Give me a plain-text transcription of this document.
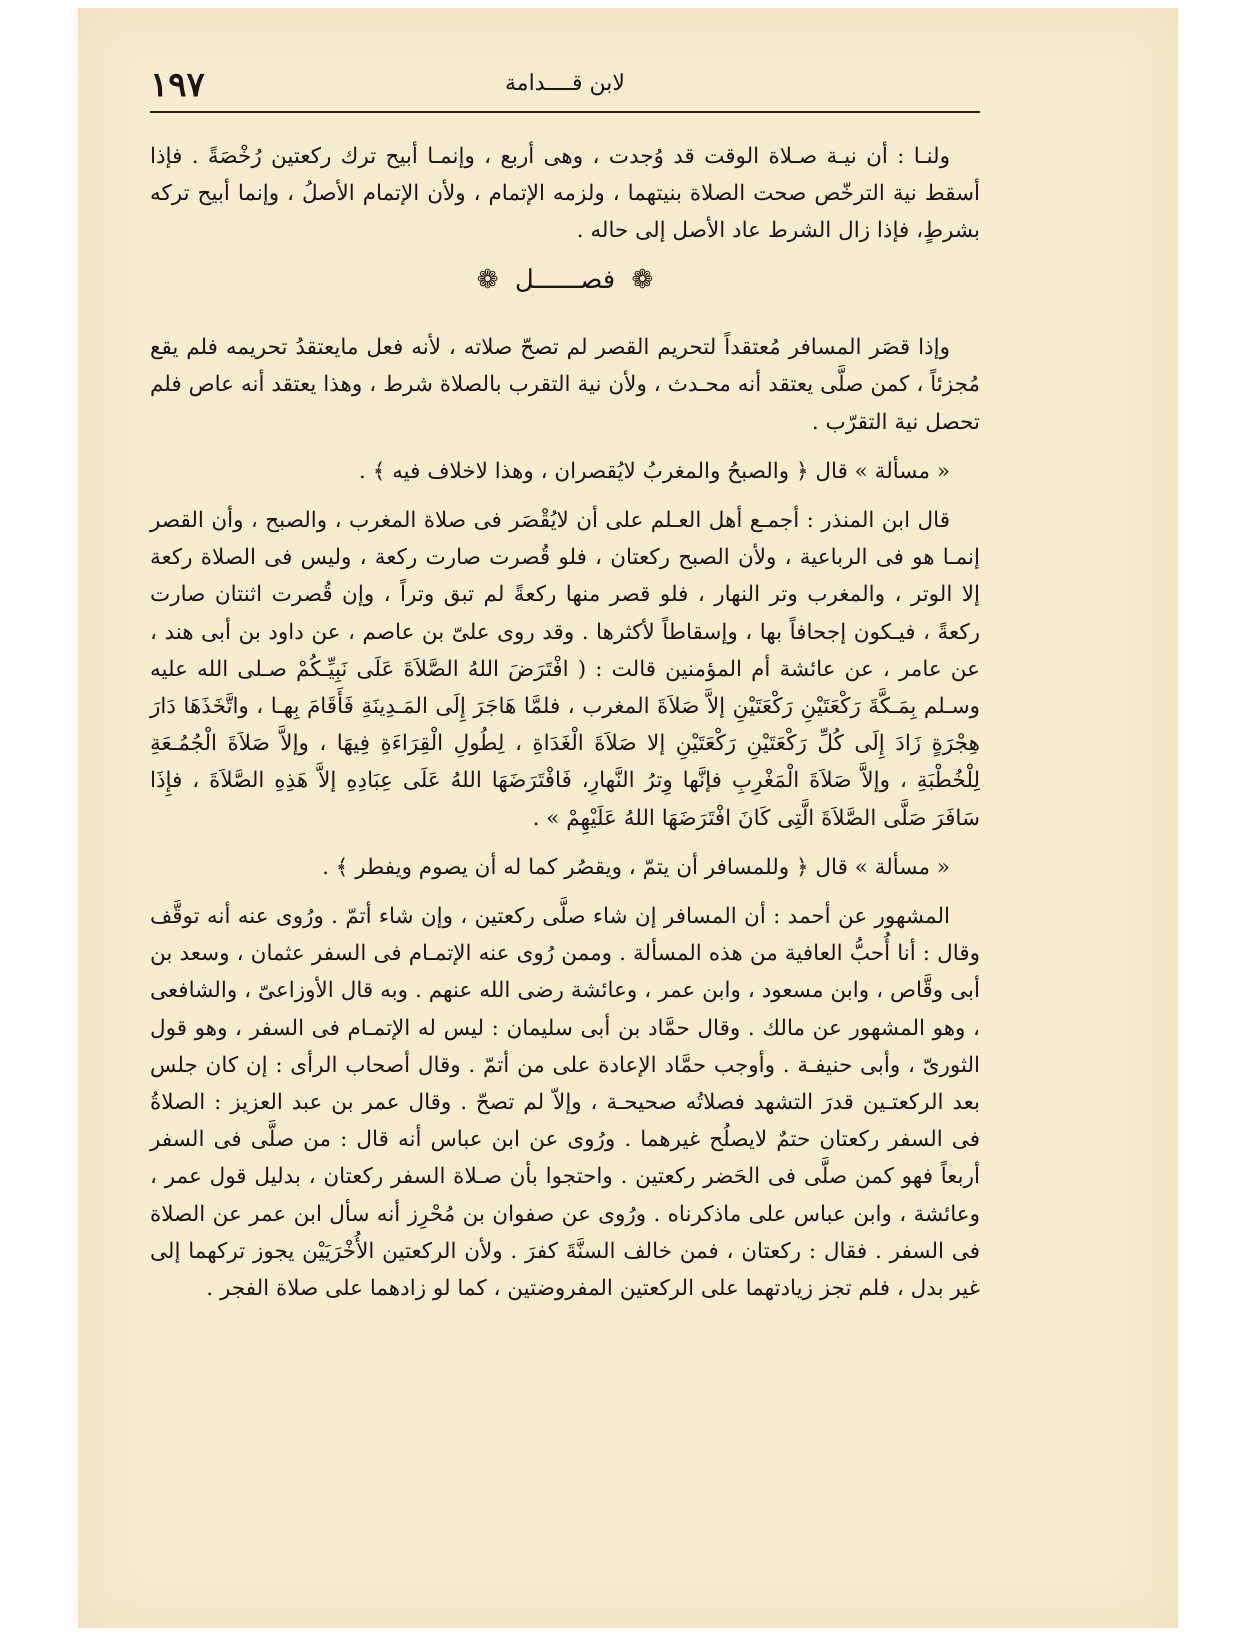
لابن قــــدامة
١٩٧

ولنـا : أن نيـة صـلاة الوقت قد وُجدت ، وهى أربع ، وإنمـا أبيح ترك ركعتين رُخْصَةً . فإذا أسقط نية الترخّص صحت الصلاة بنيتهما ، ولزمه الإتمام ، ولأن الإتمام الأصلُ ، وإنما أبيح تركه بشرطٍ، فإذا زال الشرط عاد الأصل إلى حاله .

❁ فصــــــل ❁

وإذا قصَر المسافر مُعتقداً لتحريم القصر لم تصحّ صلاته ، لأنه فعل مايعتقدُ تحريمه فلم يقع مُجزئاً ، كمن صلَّى يعتقد أنه محـدث ، ولأن نية التقرب بالصلاة شرط ، وهذا يعتقد أنه عاص فلم تحصل نية التقرّب .

« مسألة » قال ﴿ والصبحُ والمغربُ لايُقصران ، وهذا لاخلاف فيه ﴾ .

قال ابن المنذر : أجمـع أهل العـلم على أن لايُقْصَر فى صلاة المغرب ، والصبح ، وأن القصر إنمـا هو فى الرباعية ، ولأن الصبح ركعتان ، فلو قُصرت صارت ركعة ، وليس فى الصلاة ركعة إلا الوتر ، والمغرب وتر النهار ، فلو قصر منها ركعةً لم تبق وتراً ، وإن قُصرت اثنتان صارت ركعةً ، فيـكون إجحافاً بها ، وإسقاطاً لأكثرها . وقد روى علىّ بن عاصم ، عن داود بن أبى هند ، عن عامر ، عن عائشة أم المؤمنين قالت : ( افْتَرَضَ اللهُ الصَّلاَةَ عَلَى نَبِيِّـكُمْ صـلى الله عليه وسـلم بِمَـكَّةَ رَكْعَتَيْنِ رَكْعَتَيْنِ إلاَّ صَلاَةَ المغرب ، فلمَّا هَاجَرَ إِلَى المَـدِينَةِ فَأَقَامَ بِهـا ، واتَّخَذَهَا دَارَ هِجْرَةٍ زَادَ إِلَى كُلِّ رَكْعَتَيْنِ رَكْعَتَيْنِ إلا صَلاَةَ الْغَدَاةِ ، لِطُولِ الْقِرَاءَةِ فِيهَا ، وإلاَّ صَلاَةَ الْجُمُـعَةِ لِلْخُطْبَةِ ، وإلاَّ صَلاَةَ الْمَغْرِبِ فإنَّها وِترُ النَّهارِ، فَافْتَرَضَهَا اللهُ عَلَى عِبَادِهِ إلاَّ هَذِهِ الصَّلاَةَ ، فإِذَا سَافَرَ صَلَّى الصَّلاَةَ الَّتِى كَانَ افْتَرَضَهَا اللهُ عَلَيْهِمْ » .

« مسألة » قال ﴿ وللمسافر أن يتمّ ، ويقصُر كما له أن يصوم ويفطر ﴾ .

المشهور عن أحمد : أن المسافر إن شاء صلَّى ركعتين ، وإن شاء أتمّ . ورُوى عنه أنه توقَّف وقال : أنا أُحبُّ العافية من هذه المسألة . وممن رُوى عنه الإتمـام فى السفر عثمان ، وسعد بن أبى وقَّاص ، وابن مسعود ، وابن عمر ، وعائشة رضى الله عنهم . وبه قال الأوزاعىّ ، والشافعى ، وهو المشهور عن مالك . وقال حمَّاد بن أبى سليمان : ليس له الإتمـام فى السفر ، وهو قول الثورىّ ، وأبى حنيفـة . وأوجب حمَّاد الإعادة على من أتمّ . وقال أصحاب الرأى : إن كان جلس بعد الركعتـين قدرَ التشهد فصلاتُه صحيحـة ، وإلاّ لم تصحّ . وقال عمر بن عبد العزيز : الصلاةُ فى السفر ركعتان حتمٌ لايصلُح غيرهما . ورُوى عن ابن عباس أنه قال : من صلَّى فى السفر أربعاً فهو كمن صلَّى فى الحَضر ركعتين . واحتجوا بأن صـلاة السفر ركعتان ، بدليل قول عمر ، وعائشة ، وابن عباس على ماذكرناه . ورُوى عن صفوان بن مُحْرِز أنه سأل ابن عمر عن الصلاة فى السفر . فقال : ركعتان ، فمن خالف السنَّةَ كفرَ . ولأن الركعتين الأُخْرَيَيْن يجوز تركهما إلى غير بدل ، فلم تجز زيادتهما على الركعتين المفروضتين ، كما لو زادهما على صلاة الفجر .
